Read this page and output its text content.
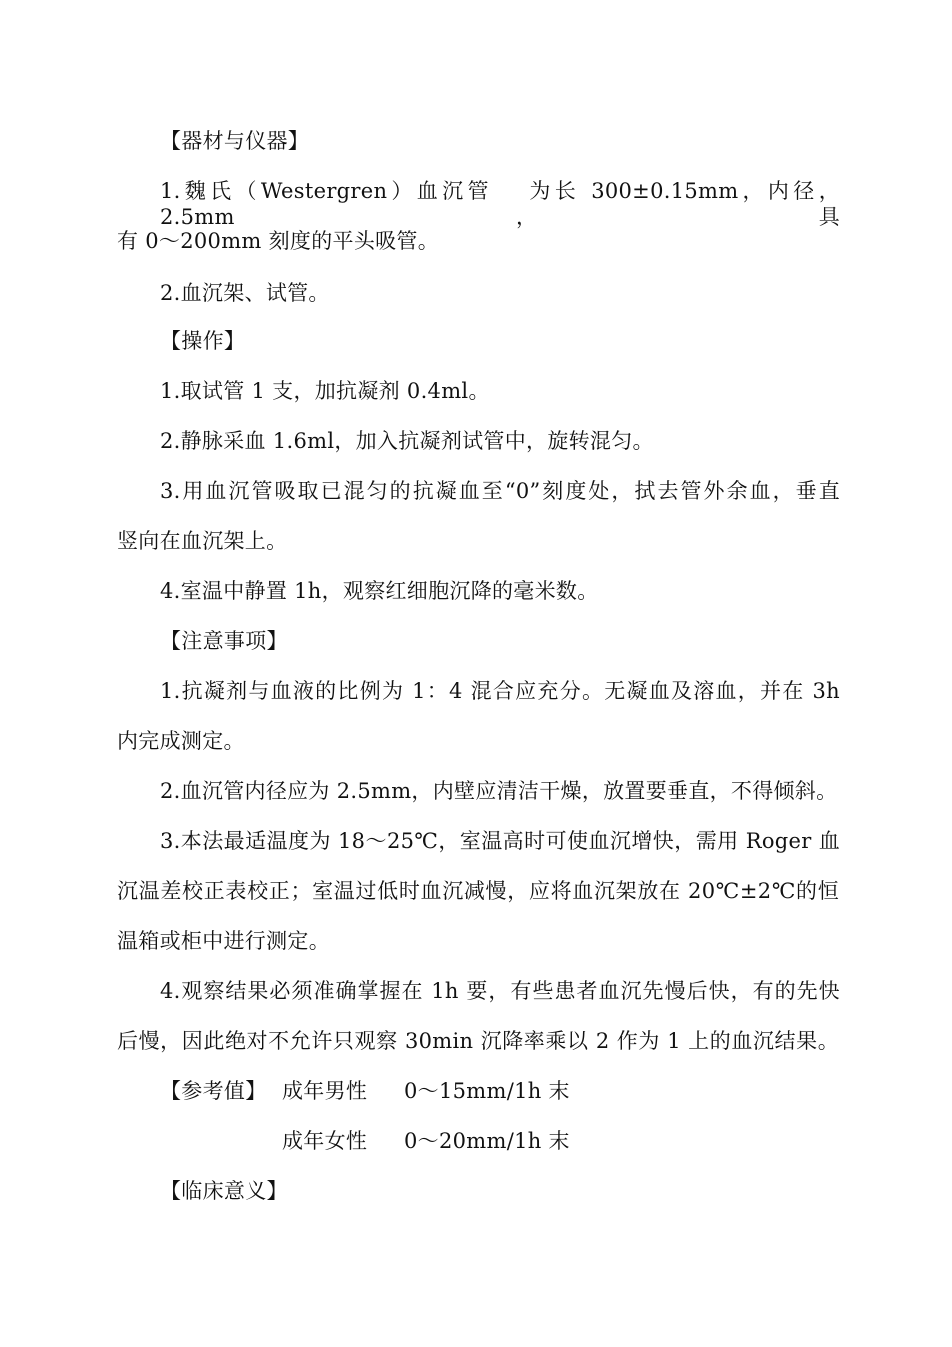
【器材与仪器】
1.魏氏（Westergren）血沉管　 为长 300±0.15mm，内径，2.5mm，具
有 0～200mm 刻度的平头吸管。
2.血沉架、试管。
【操作】
1.取试管 1 支，加抗凝剂 0.4ml。
2.静脉采血 1.6ml，加入抗凝剂试管中，旋转混匀。
3.用血沉管吸取已混匀的抗凝血至“0”刻度处，拭去管外余血，垂直
竖向在血沉架上。
4.室温中静置 1h，观察红细胞沉降的毫米数。
【注意事项】
1.抗凝剂与血液的比例为 1：4 混合应充分。无凝血及溶血，并在 3h
内完成测定。
2.血沉管内径应为 2.5mm，内壁应清洁干燥，放置要垂直，不得倾斜。
3.本法最适温度为 18～25℃，室温高时可使血沉增快，需用 Roger 血
沉温差校正表校正；室温过低时血沉减慢，应将血沉架放在 20℃±2℃的恒
温箱或柜中进行测定。
4.观察结果必须准确掌握在 1h 要，有些患者血沉先慢后快，有的先快
后慢，因此绝对不允许只观察 30min 沉降率乘以 2 作为 1 上的血沉结果。
【参考值】 成年男性 0～15mm/1h 末
成年女性 0～20mm/1h 末
【临床意义】
